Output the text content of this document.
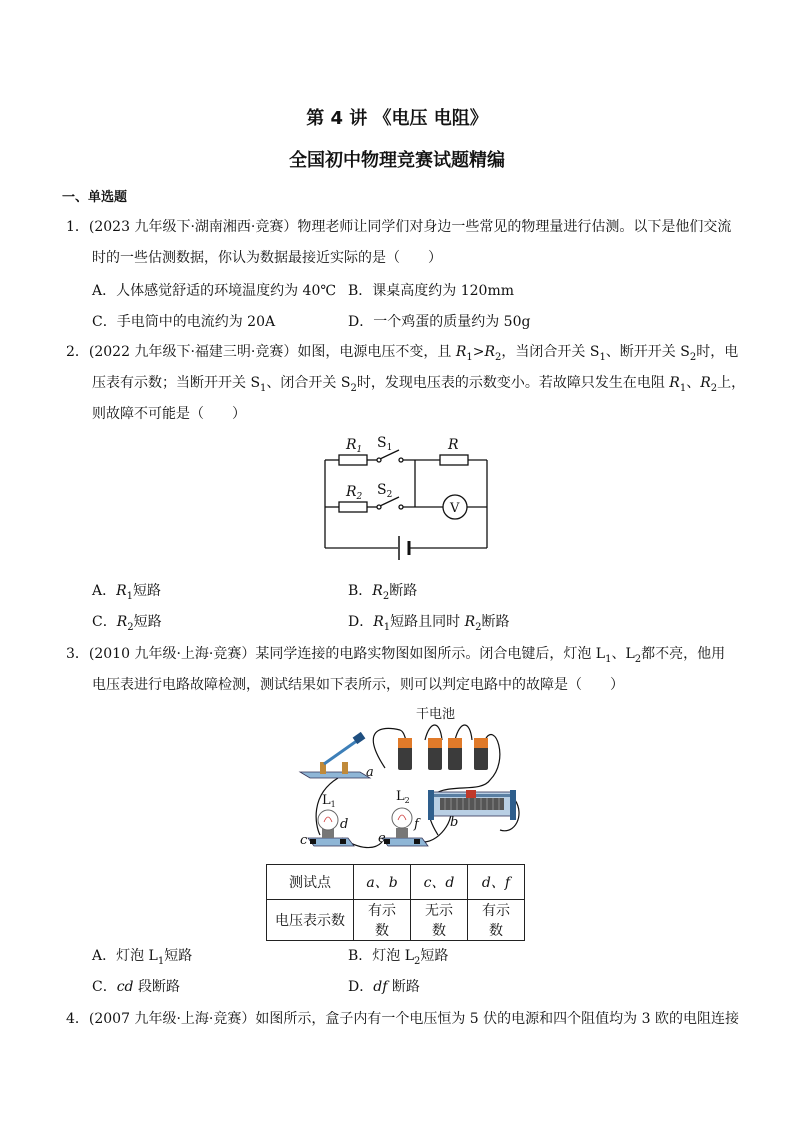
第 4 讲 《电压 电阻》
全国初中物理竞赛试题精编
一、单选题
1．(2023 九年级下·湖南湘西·竞赛）物理老师让同学们对身边一些常见的物理量进行估测。以下是他们交流
时的一些估测数据，你认为数据最接近实际的是（　　）
A．人体感觉舒适的环境温度约为 40℃ B．课桌高度约为 120mm
C．手电筒中的电流约为 20A	D．一个鸡蛋的质量约为 50g
2．(2022 九年级下·福建三明·竞赛）如图，电源电压不变，且 $R_1>R_2$，当闭合开关 $S_1$、断开开关 $S_2$时，电
压表有示数；当断开开关 $S_1$、闭合开关 $S_2$时，发现电压表的示数变小。若故障只发生在电阻 $R_1$、$R_2$上，
则故障不可能是（　　）
$R_1$ $S_1$	R
$R_2$ $S_2$
V
A．$R_1$短路	B．$R_2$断路
C．$R_2$短路	D．$R_1$短路且同时 $R_2$断路
3．(2010 九年级·上海·竞赛）某同学连接的电路实物图如图所示。闭合电键后，灯泡 $L_1$、$L_2$都不亮，他用
电压表进行电路故障检测，测试结果如下表所示，则可以判定电路中的故障是（　　）
干电池
$L_1$
$L_2$
a
b
c
d
e
f
测试点	a、b	c、d	d、f
电压表示数	有示数	无示数	有示数
A．灯泡 $L_1$短路	B．灯泡 $L_2$短路
C．cd 段断路	D．df 断路
4．(2007 九年级·上海·竞赛）如图所示，盒子内有一个电压恒为 5 伏的电源和四个阻值均为 3 欧的电阻连接
